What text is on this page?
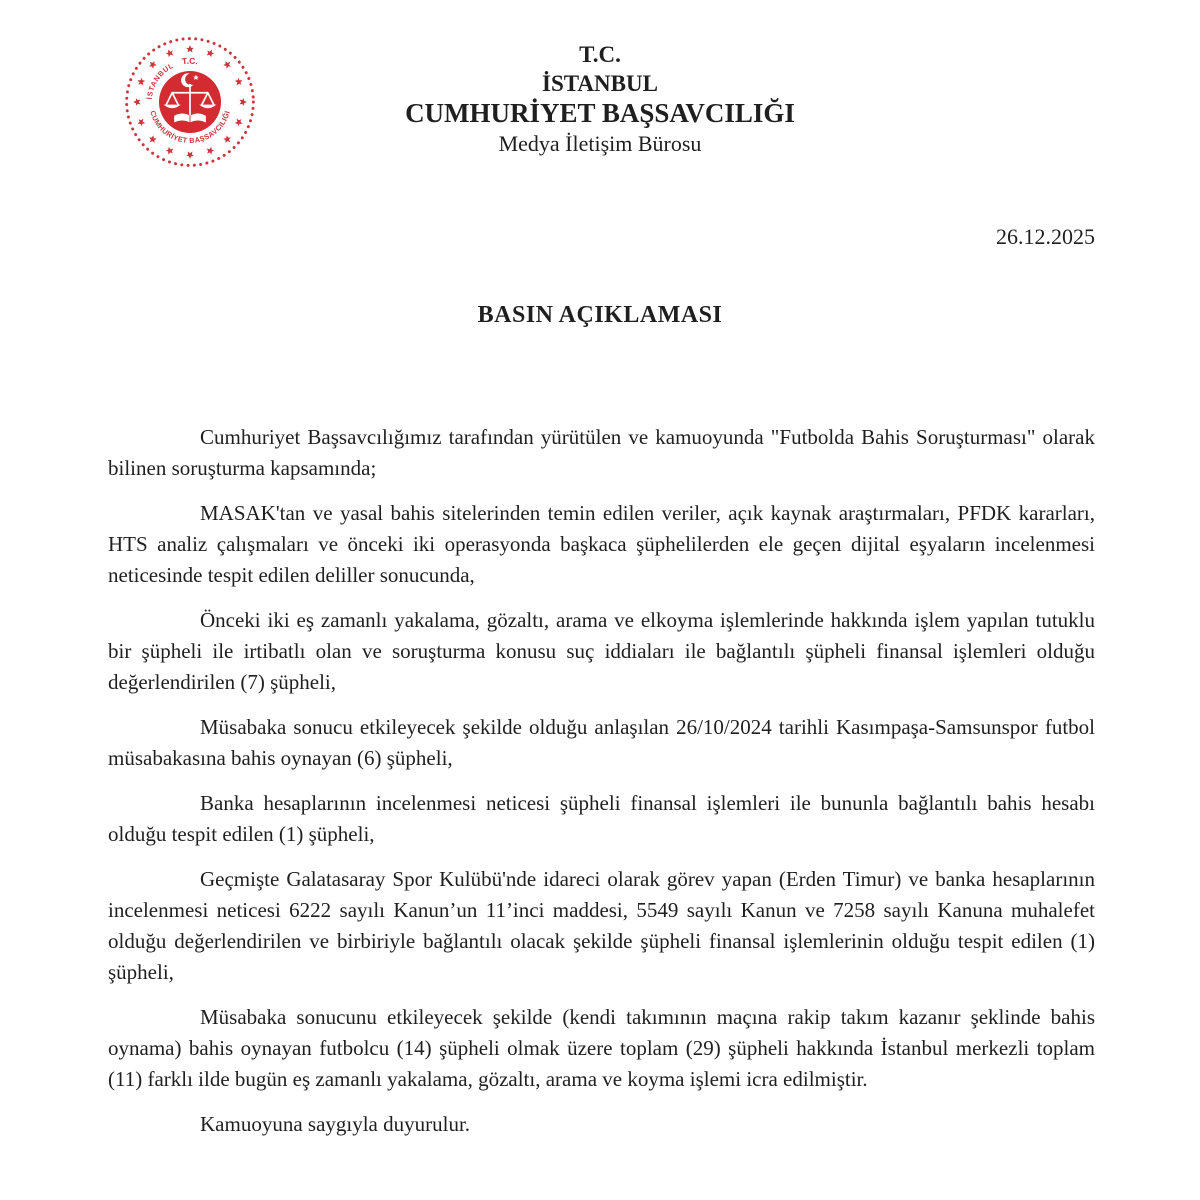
T.C.
İSTANBUL
CUMHURİYET BAŞSAVCILIĞI
T.C.
İSTANBUL
CUMHURİYET BAŞSAVCILIĞI
Medya İletişim Bürosu
26.12.2025
BASIN AÇIKLAMASI

Cumhuriyet Başsavcılığımız tarafından yürütülen ve kamuoyunda "Futbolda Bahis Soruşturması" olarak bilinen soruşturma kapsamında;

MASAK'tan ve yasal bahis sitelerinden temin edilen veriler, açık kaynak araştırmaları, PFDK kararları, HTS analiz çalışmaları ve önceki iki operasyonda başkaca şüphelilerden ele geçen dijital eşyaların incelenmesi neticesinde tespit edilen deliller sonucunda,

Önceki iki eş zamanlı yakalama, gözaltı, arama ve elkoyma işlemlerinde hakkında işlem yapılan tutuklu bir şüpheli ile irtibatlı olan ve soruşturma konusu suç iddiaları ile bağlantılı şüpheli finansal işlemleri olduğu değerlendirilen (7) şüpheli,

Müsabaka sonucu etkileyecek şekilde olduğu anlaşılan 26/10/2024 tarihli Kasımpaşa-Samsunspor futbol müsabakasına bahis oynayan (6) şüpheli,

Banka hesaplarının incelenmesi neticesi şüpheli finansal işlemleri ile bununla bağlantılı bahis hesabı olduğu tespit edilen (1) şüpheli,

Geçmişte Galatasaray Spor Kulübü'nde idareci olarak görev yapan (Erden Timur) ve banka hesaplarının incelenmesi neticesi 6222 sayılı Kanun’un 11’inci maddesi, 5549 sayılı Kanun ve 7258 sayılı Kanuna muhalefet olduğu değerlendirilen ve birbiriyle bağlantılı olacak şekilde şüpheli finansal işlemlerinin olduğu tespit edilen (1) şüpheli,

Müsabaka sonucunu etkileyecek şekilde (kendi takımının maçına rakip takım kazanır şeklinde bahis oynama) bahis oynayan futbolcu (14) şüpheli olmak üzere toplam (29) şüpheli hakkında İstanbul merkezli toplam (11) farklı ilde bugün eş zamanlı yakalama, gözaltı, arama ve koyma işlemi icra edilmiştir.

Kamuoyuna saygıyla duyurulur.
